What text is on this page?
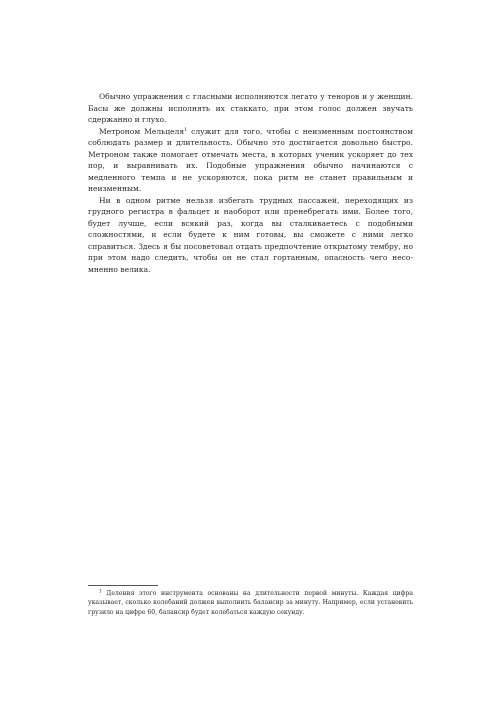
Обычно упражнения с гласными исполняются легато у теноров и у женщин. Басы же должны исполнять их стаккато, при этом голос должен звучать сдержанно и глухо.

Метроном Мельцеля$^1$ служит для того, чтобы с неизменным постоянством соблюдать размер и длительность. Обычно это достигается довольно быстро. Метроном также помогает отмечать места, в которых ученик ускоряет до тех пор, и выравнивать их. Подобные упражнения обычно начинаются с медленного темпа и не ускоряются, пока ритм не станет правильным и неизменным.

Ни в одном ритме нельзя избегать трудных пассажей, переходящих из грудного регистра в фальцет и наоборот или пренебрегать ими. Более того, будет лучше, если всякий раз, когда вы сталкиваетесь с подобными сложностями, и если будете к ним готовы, вы сможете с ними легко справиться. Здесь я бы посоветовал отдать предпочтение открытому тембру, но при этом надо следить, чтобы он не стал гортанным, опасность чего несомненно велика.

$^1$ Деления этого инструмента основаны на длительности первой минуты. Каждая цифра указывает, сколько колебаний должен выполнить балансир за минуту. Например, если установить грузило на цифре 60, балансир будет колебаться каждую секунду.
